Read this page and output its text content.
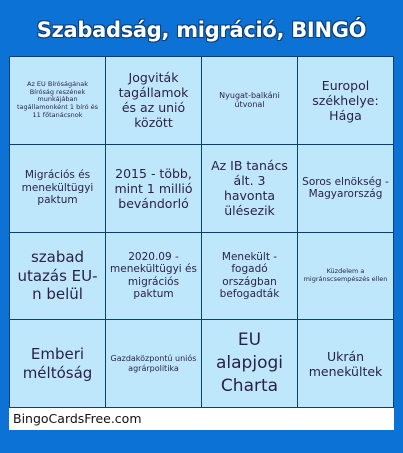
Szabadság, migráció, BINGÓ
Az EU Bíróságának Bíróság reszének munkájában tagállamonként 1 bíró és 11 főtanácsnok
Jogviták tagállamok és az unió között
Nyugat-balkáni útvonal
Europol székhelye: Hága
Migrációs és menekültügyi paktum
2015 - több, mint 1 millió bevándorló
Az IB tanács ált. 3 havonta ülésezik
Soros elnökség - Magyarország
szabad utazás EU-n belül
2020.09 - menekültügyi és migrációs paktum
Menekült - fogadó országban befogadták
Küzdelem a migránscsempészés ellen
Emberi méltóság
Gazdaközpontú uniós agrárpolitika
EU alapjogi Charta
Ukrán menekültek
BingoCardsFree.com
